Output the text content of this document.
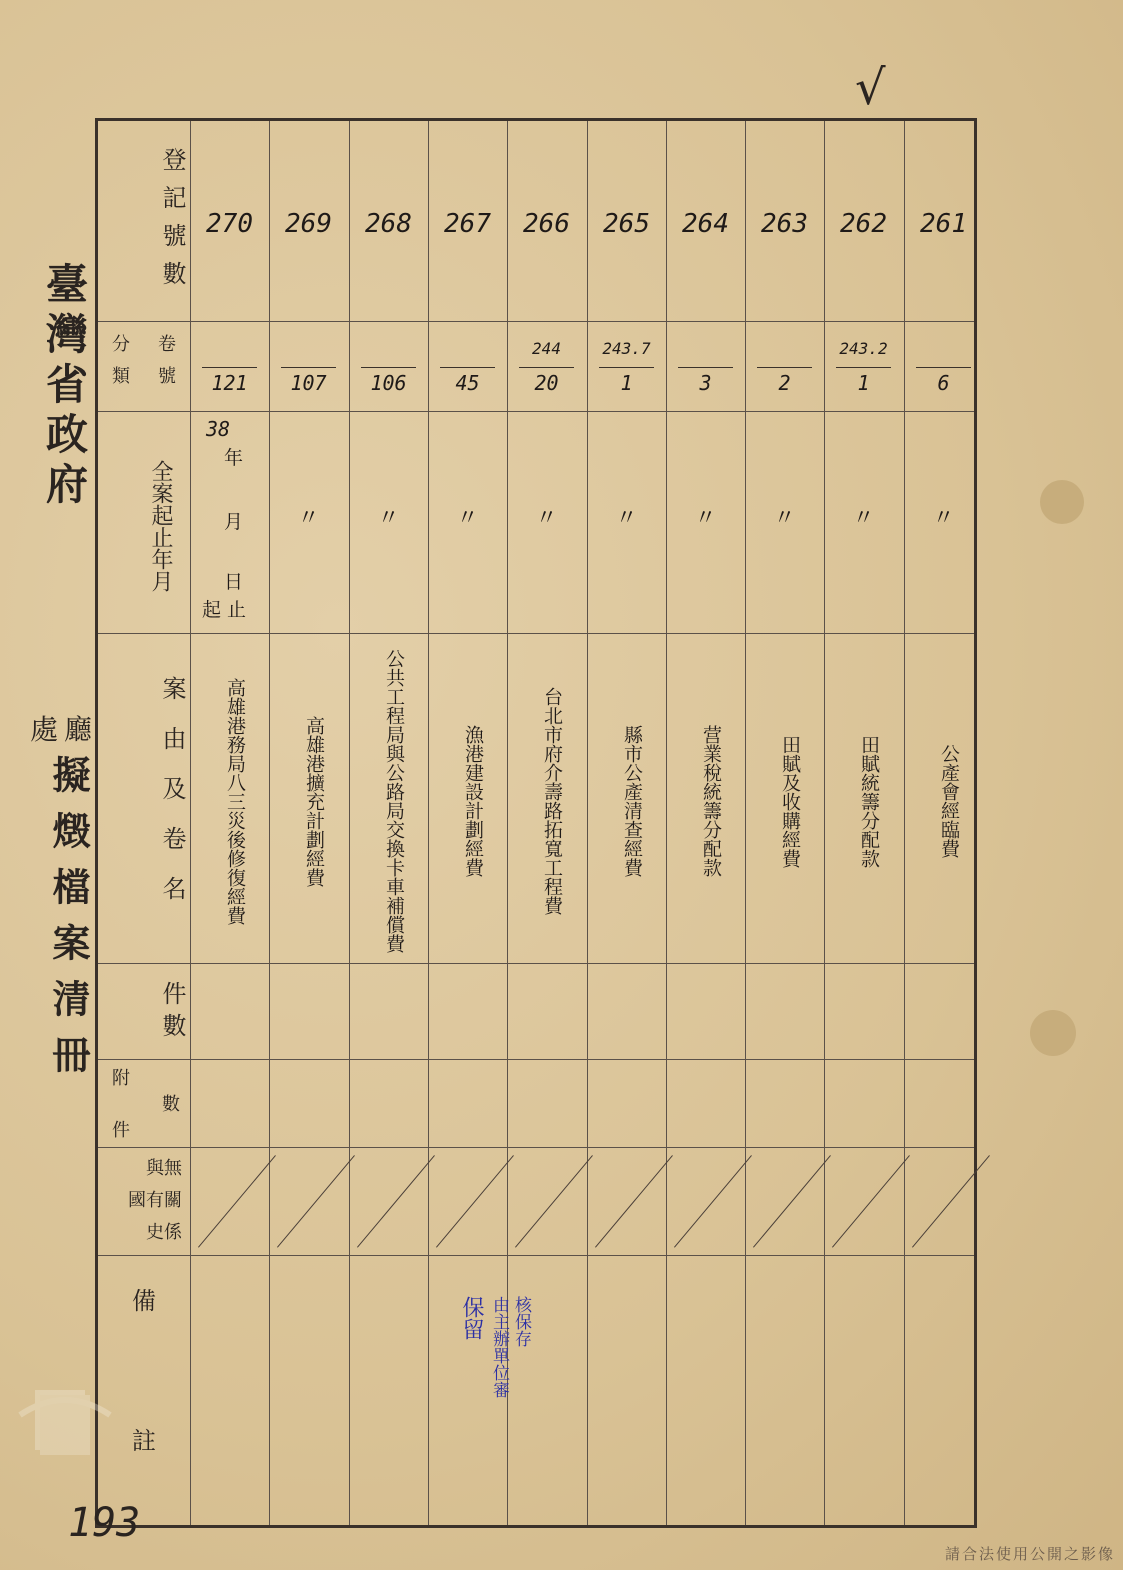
√
臺灣省政府
處 廳
擬燬檔案清冊
登記號數
分 卷
類 號
全案起止年月
案由及卷名
件數
附
數
件
與無
國有關
史係
備
註
38
年
月
日
起 止
270
121
高雄港務局八三災後修復經費
269
107
〃
高雄港擴充計劃經費
268
106
〃
公共工程局與公路局交換卡車補償費
267
45
〃
漁港建設計劃經費
266
244
20
〃
台北市府介壽路拓寬工程費
265
243.7
1
〃
縣市公產清查經費
264
3
〃
营業稅統籌分配款
263
2
〃
田賦及收購經費
262
243.2
1
〃
田賦統籌分配款
261
6
〃
公產會經臨費
保留 由主辦單位審 核保存
193
請合法使用公開之影像
